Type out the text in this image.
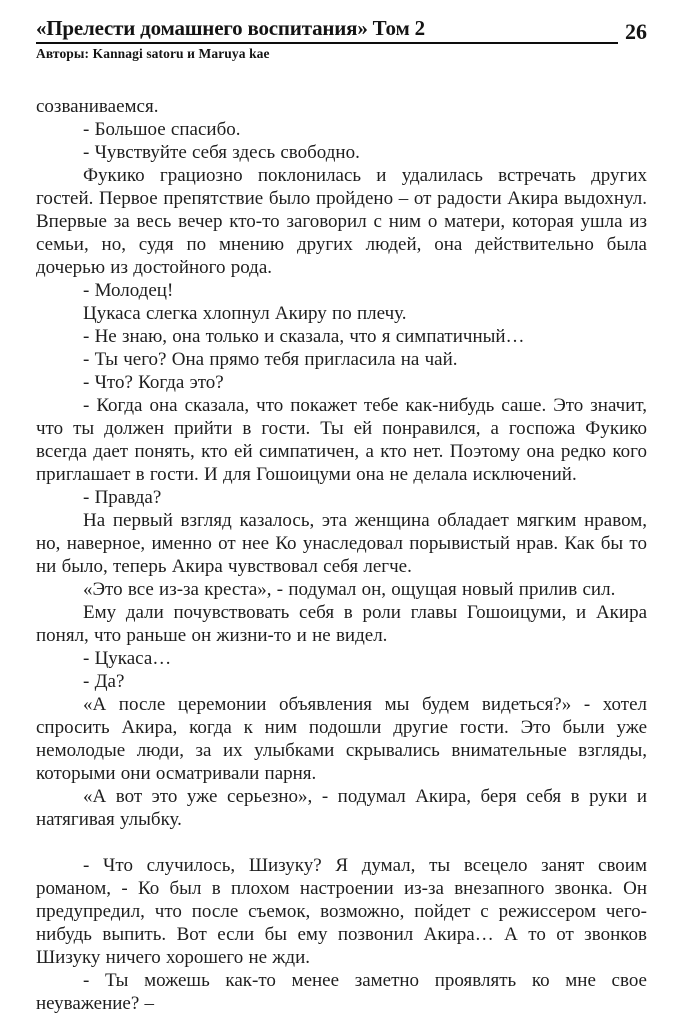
«Прелести домашнего воспитания» Том 2	26
Авторы: Kannagi satoru и Maruya kae

созваниваемся.

- Большое спасибо.

- Чувствуйте себя здесь свободно.

Фукико грациозно поклонилась и удалилась встречать других гостей. Первое препятствие было пройдено – от радости Акира выдохнул. Впервые за весь вечер кто-то заговорил с ним о матери, которая ушла из семьи, но, судя по мнению других людей, она действительно была дочерью из достойного рода.

- Молодец!

Цукаса слегка хлопнул Акиру по плечу.

- Не знаю, она только и сказала, что я симпатичный…

- Ты чего? Она прямо тебя пригласила на чай.

- Что? Когда это?

- Когда она сказала, что покажет тебе как-нибудь саше. Это значит, что ты должен прийти в гости. Ты ей понравился, а госпожа Фукико всегда дает понять, кто ей симпатичен, а кто нет. Поэтому она редко кого приглашает в гости. И для Гошоицуми она не делала исключений.

- Правда?

На первый взгляд казалось, эта женщина обладает мягким нравом, но, наверное, именно от нее Ко унаследовал порывистый нрав. Как бы то ни было, теперь Акира чувствовал себя легче.

«Это все из-за креста», - подумал он, ощущая новый прилив сил.

Ему дали почувствовать себя в роли главы Гошоицуми, и Акира понял, что раньше он жизни-то и не видел.

- Цукаса…

- Да?

«А после церемонии объявления мы будем видеться?» - хотел спросить Акира, когда к ним подошли другие гости. Это были уже немолодые люди, за их улыбками скрывались внимательные взгляды, которыми они осматривали парня.

«А вот это уже серьезно», - подумал Акира, беря себя в руки и натягивая улыбку.

- Что случилось, Шизуку? Я думал, ты всецело занят своим романом, - Ко был в плохом настроении из-за внезапного звонка. Он предупредил, что после съемок, возможно, пойдет с режиссером чего-нибудь выпить. Вот если бы ему позвонил Акира… А то от звонков Шизуку ничего хорошего не жди.

- Ты можешь как-то менее заметно проявлять ко мне свое неуважение? –
